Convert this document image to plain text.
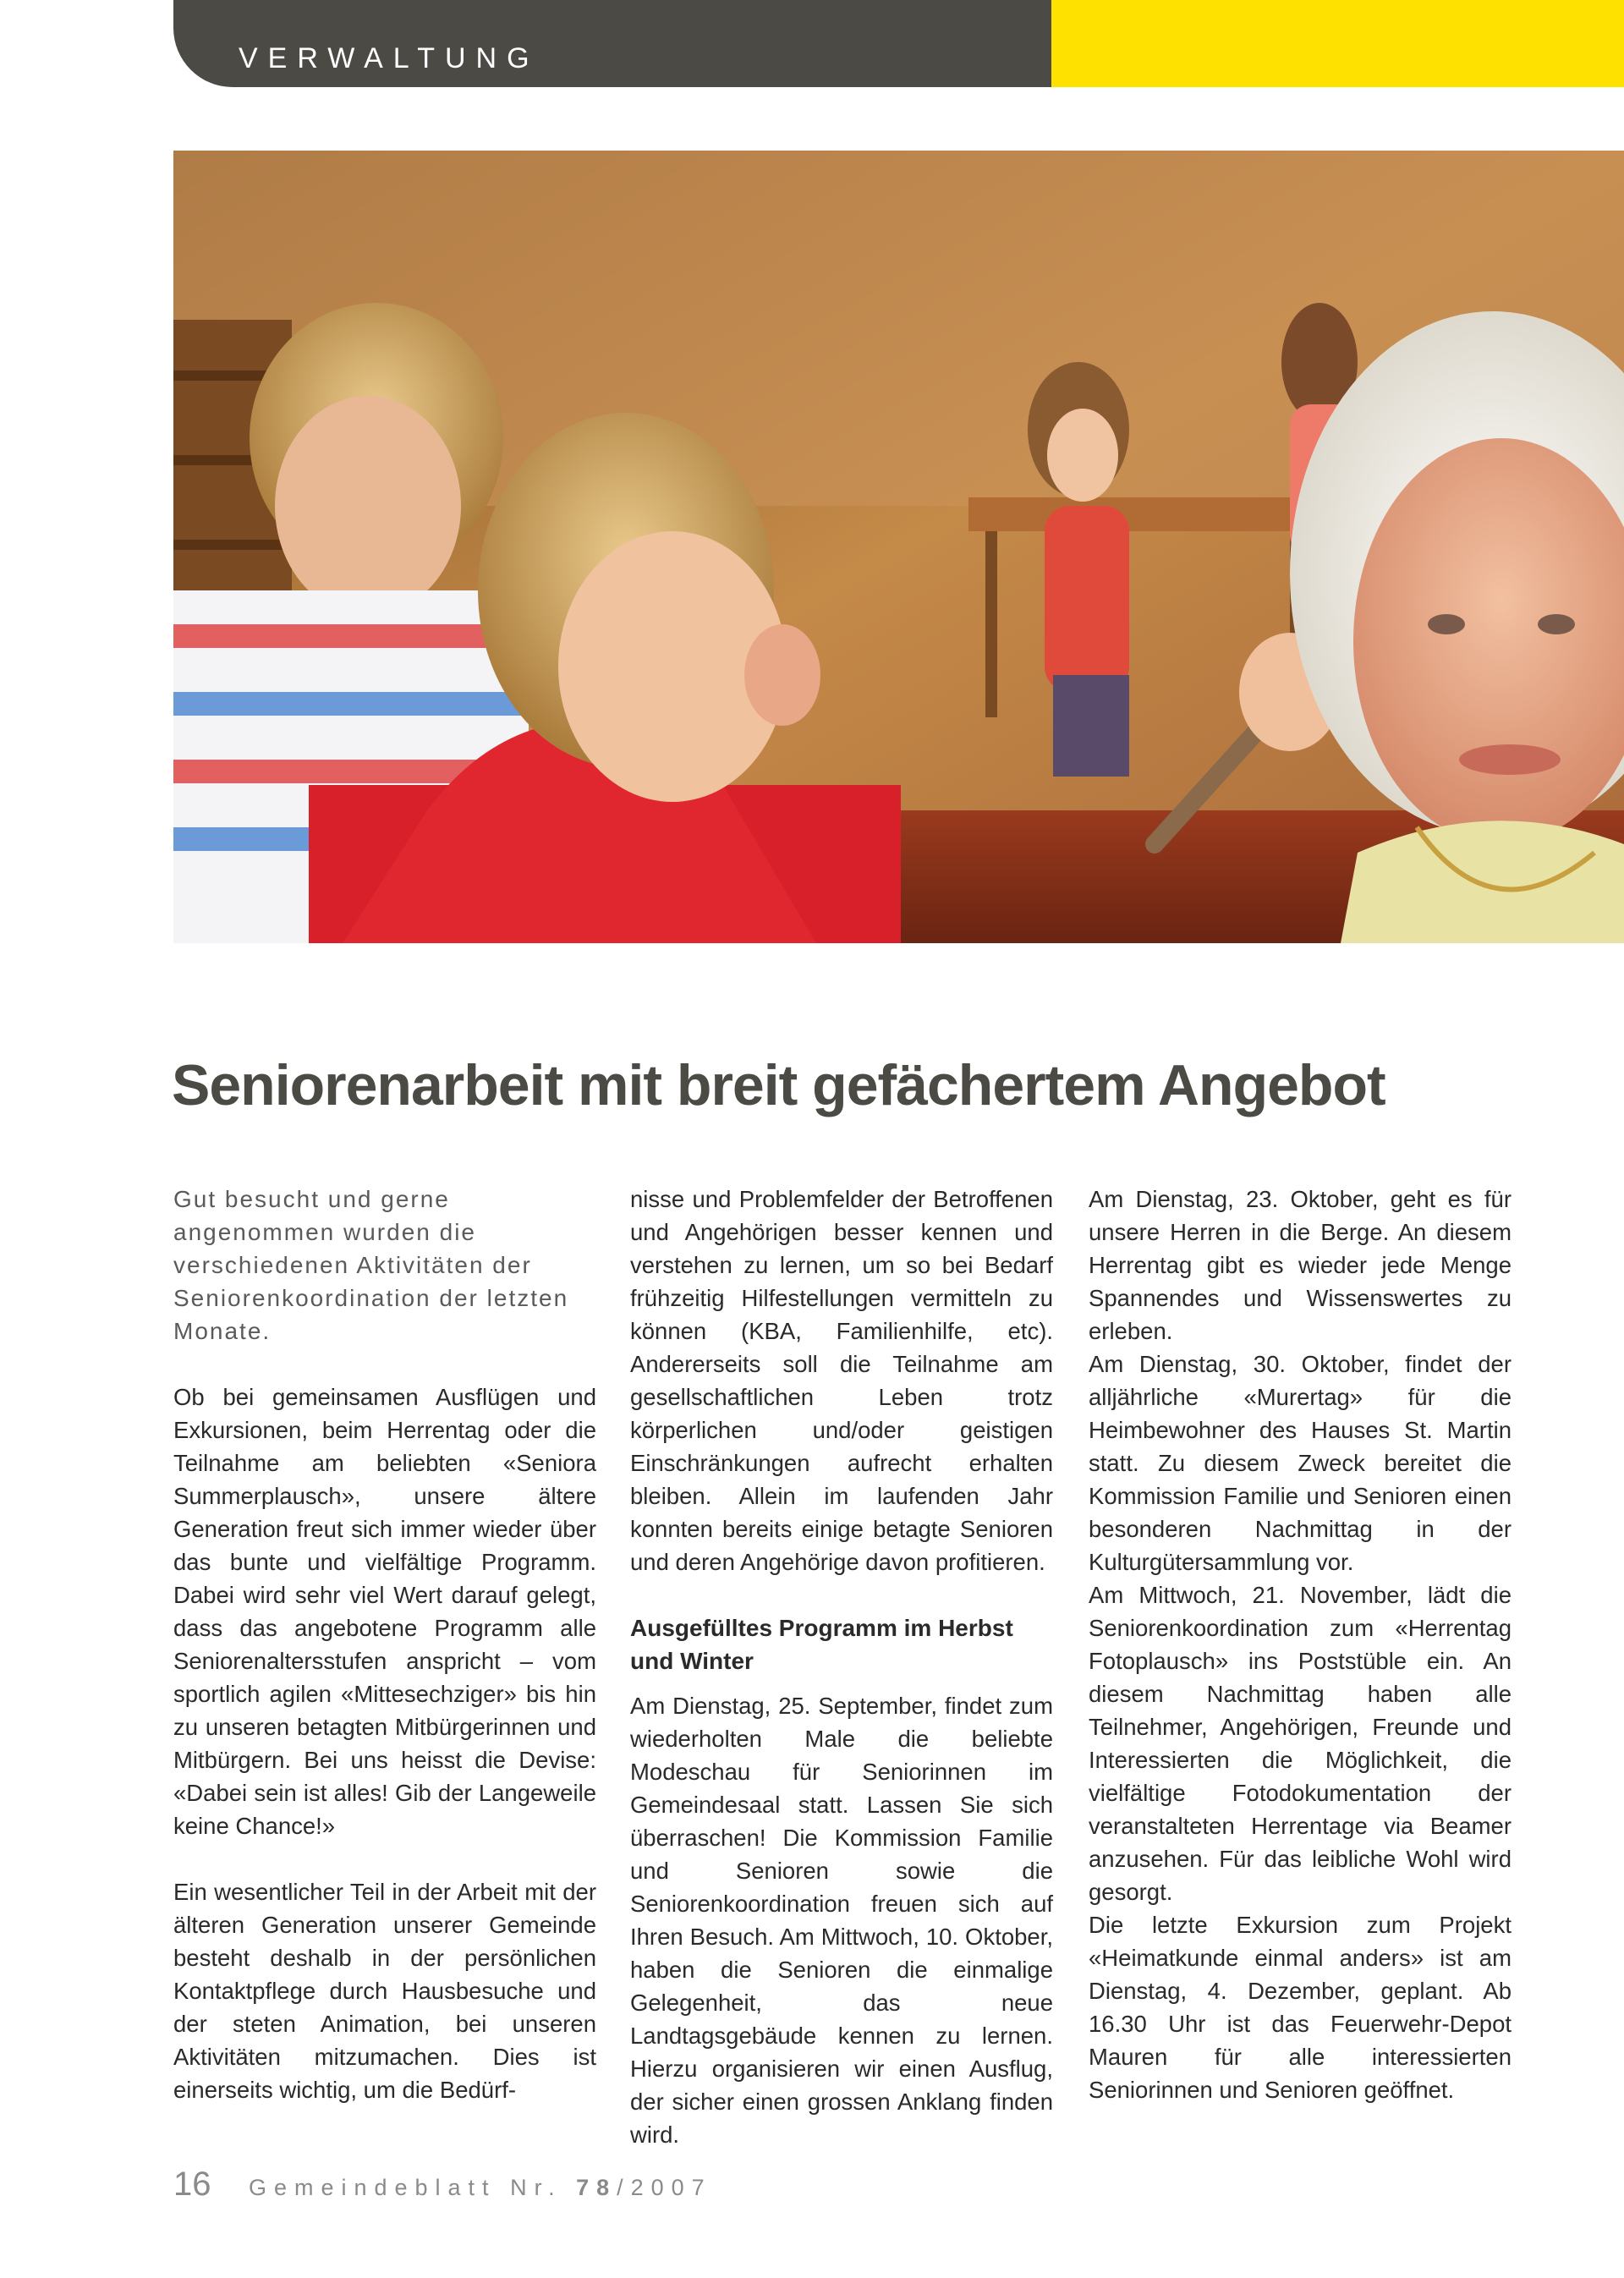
VERWALTUNG
Seniorenarbeit mit breit gefächertem Angebot

Gut besucht und gerne angenommen wurden die verschiedenen Aktivitäten der Seniorenkoordination der letzten Monate.

Ob bei gemeinsamen Ausflügen und Exkursionen, beim Herrentag oder die Teilnahme am beliebten «Seniora Summerplausch», unsere ältere Generation freut sich immer wieder über das bunte und vielfältige Programm. Dabei wird sehr viel Wert darauf gelegt, dass das angebotene Programm alle Seniorenaltersstufen anspricht – vom sportlich agilen «Mittesechziger» bis hin zu unseren betagten Mitbürgerinnen und Mitbürgern. Bei uns heisst die Devise: «Dabei sein ist alles! Gib der Langeweile keine Chance!»

Ein wesentlicher Teil in der Arbeit mit der älteren Generation unserer Gemeinde besteht deshalb in der persönlichen Kontaktpflege durch Hausbesuche und der steten Animation, bei unseren Aktivitäten mitzumachen. Dies ist einerseits wichtig, um die Bedürf-

nisse und Problemfelder der Betroffenen und Angehörigen besser kennen und verstehen zu lernen, um so bei Bedarf frühzeitig Hilfestellungen vermitteln zu können (KBA, Familienhilfe, etc). Andererseits soll die Teilnahme am gesellschaftlichen Leben trotz körperlichen und/oder geistigen Einschränkungen aufrecht erhalten bleiben. Allein im laufenden Jahr konnten bereits einige betagte Senioren und deren Angehörige davon profitieren.

Ausgefülltes Programm im Herbst und Winter

Am Dienstag, 25. September, findet zum wiederholten Male die beliebte Modeschau für Seniorinnen im Gemeindesaal statt. Lassen Sie sich überraschen! Die Kommission Familie und Senioren sowie die Seniorenkoordination freuen sich auf Ihren Besuch. Am Mittwoch, 10. Oktober, haben die Senioren die einmalige Gelegenheit, das neue Landtagsgebäude kennen zu lernen. Hierzu organisieren wir einen Ausflug, der sicher einen grossen Anklang finden wird.

Am Dienstag, 23. Oktober, geht es für unsere Herren in die Berge. An diesem Herrentag gibt es wieder jede Menge Spannendes und Wissenswertes zu erleben.

Am Dienstag, 30. Oktober, findet der alljährliche «Murertag» für die Heimbewohner des Hauses St. Martin statt. Zu diesem Zweck bereitet die Kommission Familie und Senioren einen besonderen Nachmittag in der Kulturgütersammlung vor.

Am Mittwoch, 21. November, lädt die Seniorenkoordination zum «Herrentag Fotoplausch» ins Poststüble ein. An diesem Nachmittag haben alle Teilnehmer, Angehörigen, Freunde und Interessierten die Möglichkeit, die vielfältige Fotodokumentation der veranstalteten Herrentage via Beamer anzusehen. Für das leibliche Wohl wird gesorgt.

Die letzte Exkursion zum Projekt «Heimatkunde einmal anders» ist am Dienstag, 4. Dezember, geplant. Ab 16.30 Uhr ist das Feuerwehr-Depot Mauren für alle interessierten Seniorinnen und Senioren geöffnet.

16 Gemeindeblatt Nr. 78/2007
